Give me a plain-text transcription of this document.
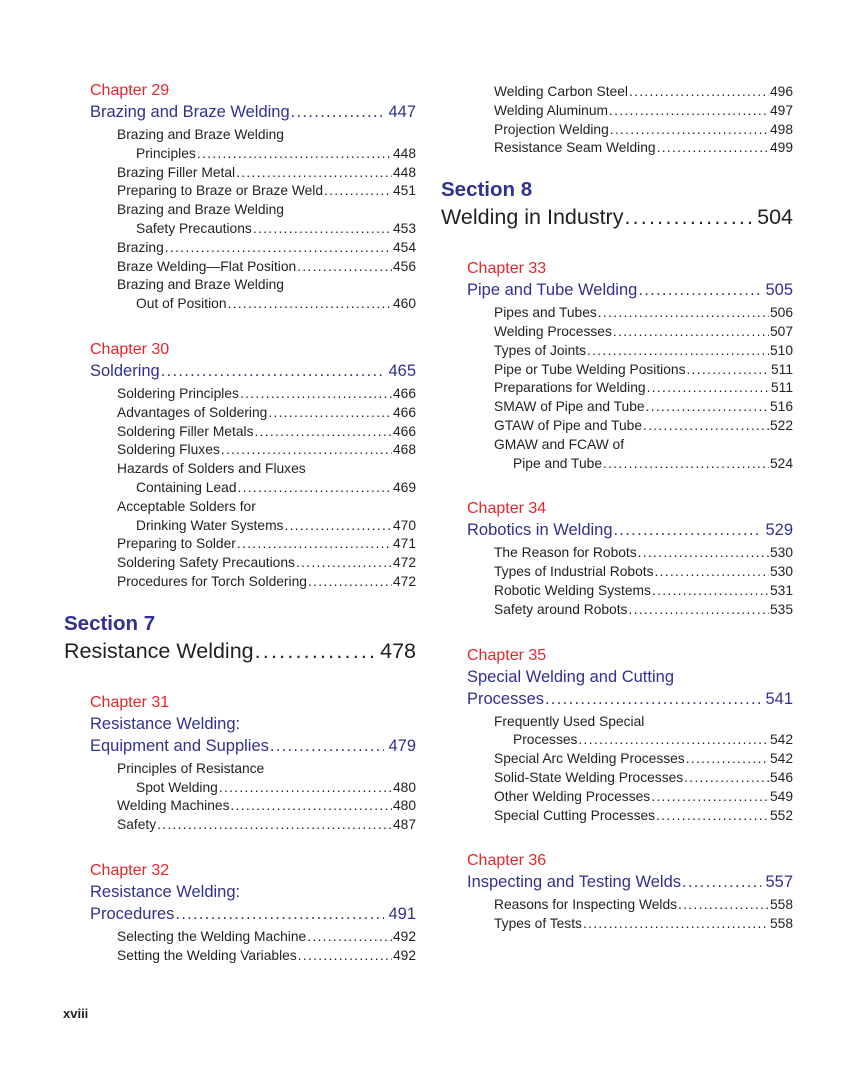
Chapter 29
Brazing and Braze Welding .....	447
Brazing and Braze Welding
Principles .....	448
Brazing Filler Metal .....	448
Preparing to Braze or Braze Weld .....	451
Brazing and Braze Welding
Safety Precautions .....	453
Brazing .....	454
Braze Welding—Flat Position .....	456
Brazing and Braze Welding
Out of Position .....	460
Chapter 30
Soldering .....	465
Soldering Principles .....	466
Advantages of Soldering .....	466
Soldering Filler Metals .....	466
Soldering Fluxes .....	468
Hazards of Solders and Fluxes
Containing Lead .....	469
Acceptable Solders for
Drinking Water Systems .....	470
Preparing to Solder .....	471
Soldering Safety Precautions .....	472
Procedures for Torch Soldering .....	472
Section 7
Resistance Welding .....	478
Chapter 31
Resistance Welding:
Equipment and Supplies .....	479
Principles of Resistance
Spot Welding .....	480
Welding Machines .....	480
Safety .....	487
Chapter 32
Resistance Welding:
Procedures .....	491
Selecting the Welding Machine .....	492
Setting the Welding Variables .....	492
Welding Carbon Steel .....	496
Welding Aluminum .....	497
Projection Welding .....	498
Resistance Seam Welding .....	499
Section 8
Welding in Industry .....	504
Chapter 33
Pipe and Tube Welding .....	505
Pipes and Tubes .....	506
Welding Processes .....	507
Types of Joints .....	510
Pipe or Tube Welding Positions .....	511
Preparations for Welding .....	511
SMAW of Pipe and Tube .....	516
GTAW of Pipe and Tube .....	522
GMAW and FCAW of
Pipe and Tube .....	524
Chapter 34
Robotics in Welding .....	529
The Reason for Robots .....	530
Types of Industrial Robots .....	530
Robotic Welding Systems .....	531
Safety around Robots .....	535
Chapter 35
Special Welding and Cutting
Processes .....	541
Frequently Used Special
Processes .....	542
Special Arc Welding Processes .....	542
Solid-State Welding Processes .....	546
Other Welding Processes .....	549
Special Cutting Processes .....	552
Chapter 36
Inspecting and Testing Welds .....	557
Reasons for Inspecting Welds .....	558
Types of Tests .....	558
xviii
